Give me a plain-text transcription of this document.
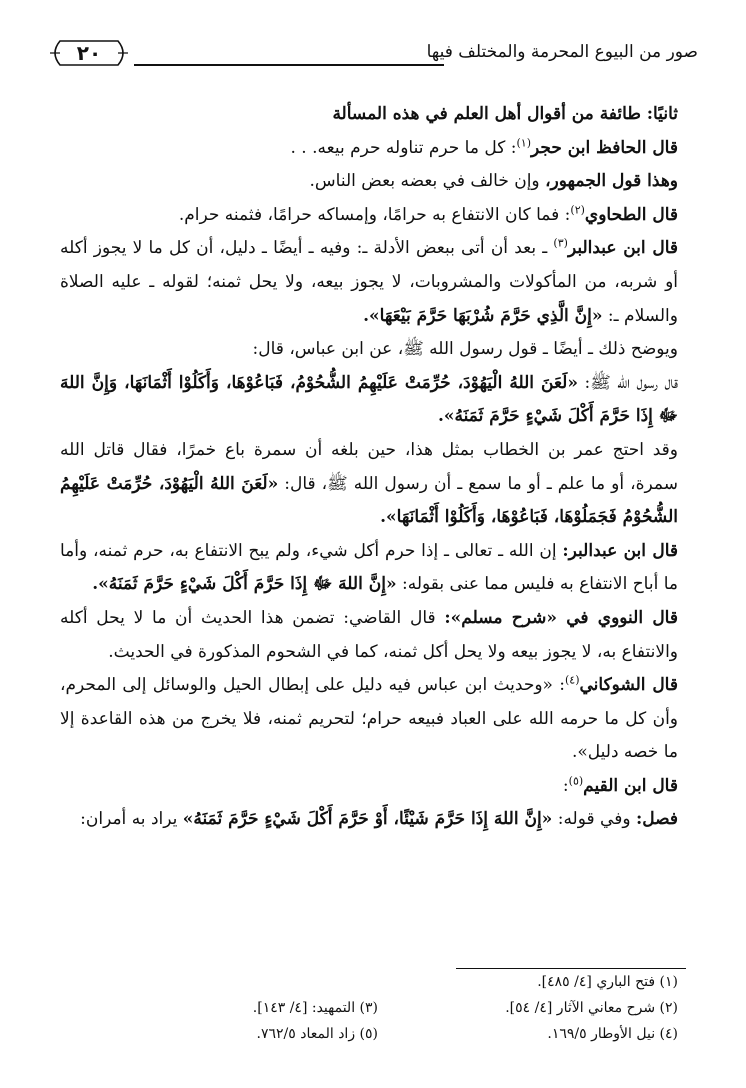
٢٠	صور من البيوع المحرمة والمختلف فيها

ثانيًا: طائفة من أقوال أهل العلم في هذه المسألة

قال الحافظ ابن حجر$^{(١)}$: كل ما حرم تناوله حرم بيعه. . .

وهذا قول الجمهور، وإن خالف في بعضه بعض الناس.

قال الطحاوي$^{(٢)}$: فما كان الانتفاع به حرامًا، وإمساكه حرامًا، فثمنه حرام.

قال ابن عبدالبر$^{(٣)}$ ـ بعد أن أتى ببعض الأدلة ـ: وفيه ـ أيضًا ـ دليل، أن كل ما لا يجوز أكله أو شربه، من المأكولات والمشروبات، لا يجوز بيعه، ولا يحل ثمنه؛ لقوله ـ عليه الصلاة والسلام ـ: «إِنَّ الَّذِي حَرَّمَ شُرْبَهَا حَرَّمَ بَيْعَهَا».

ويوضح ذلك ـ أيضًا ـ قول رسول الله ﷺ، عن ابن عباس، قال:

قال رسول الله ﷺ: «لَعَنَ اللهُ الْيَهُوْدَ، حُرِّمَتْ عَلَيْهِمُ الشُّحُوْمُ، فَبَاعُوْهَا، وَأَكَلُوْا أَثْمَانَهَا، وَإِنَّ اللهَ ﷻ إِذَا حَرَّمَ أَكْلَ شَيْءٍ حَرَّمَ ثَمَنَهُ».

وقد احتج عمر بن الخطاب بمثل هذا، حين بلغه أن سمرة باع خمرًا، فقال قاتل الله سمرة، أو ما علم ـ أو ما سمع ـ أن رسول الله ﷺ، قال: «لَعَنَ اللهُ الْيَهُوْدَ، حُرِّمَتْ عَلَيْهِمُ الشُّحُوْمُ فَجَمَلُوْهَا، فَبَاعُوْهَا، وَأَكَلُوْا أَثْمَانَهَا».

قال ابن عبدالبر: إن الله ـ تعالى ـ إذا حرم أكل شيء، ولم يبح الانتفاع به، حرم ثمنه، وأما ما أباح الانتفاع به فليس مما عنى بقوله: «إِنَّ اللهَ ﷻ إِذَا حَرَّمَ أَكْلَ شَيْءٍ حَرَّمَ ثَمَنَهُ».

قال النووي في «شرح مسلم»: قال القاضي: تضمن هذا الحديث أن ما لا يحل أكله والانتفاع به، لا يجوز بيعه ولا يحل أكل ثمنه، كما في الشحوم المذكورة في الحديث.

قال الشوكاني$^{(٤)}$: «وحديث ابن عباس فيه دليل على إبطال الحيل والوسائل إلى المحرم، وأن كل ما حرمه الله على العباد فبيعه حرام؛ لتحريم ثمنه، فلا يخرج من هذه القاعدة إلا ما خصه دليل».

قال ابن القيم$^{(٥)}$:

فصل: وفي قوله: «إِنَّ اللهَ إِذَا حَرَّمَ شَيْئًا، أَوْ حَرَّمَ أَكْلَ شَيْءٍ حَرَّمَ ثَمَنَهُ» يراد به أمران:

(١) فتح الباري [٤/ ٤٨٥].
(٢) شرح معاني الآثار [٤/ ٥٤].
(٣) التمهيد: [٤/ ١٤٣].
(٤) نيل الأوطار ١٦٩/٥.
(٥) زاد المعاد ٧٦٢/٥.
